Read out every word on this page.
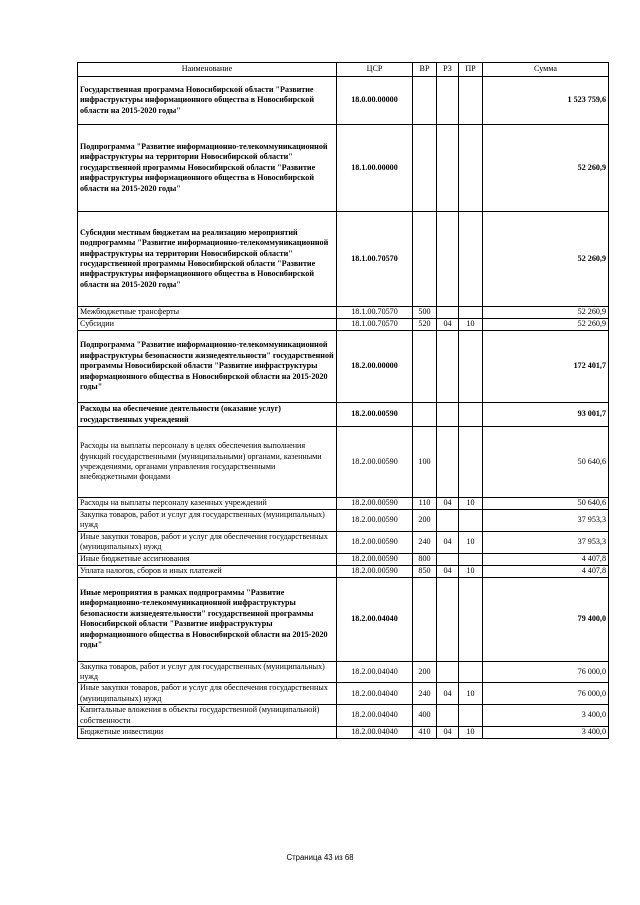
Наименование	ЦСР	ВР	РЗ	ПР	Сумма
Государственная программа Новосибирской области "Развитие инфраструктуры информационного общества в Новосибирской области на 2015-2020 годы"	18.0.00.00000				1 523 759,6
Подпрограмма "Развитие информационно-телекоммуникационной инфраструктуры на территории Новосибирской области" государственной программы Новосибирской области "Развитие инфраструктуры информационного общества в Новосибирской области на 2015-2020 годы"	18.1.00.00000				52 260,9
Субсидии местным бюджетам на реализацию мероприятий подпрограммы "Развитие информационно-телекоммуникационной инфраструктуры на территории Новосибирской области" государственной программы Новосибирской области "Развитие инфраструктуры информационного общества в Новосибирской области на 2015-2020 годы"	18.1.00.70570				52 260,9
Межбюджетные трансферты	18.1.00.70570	500			52 260,9
Субсидии	18.1.00.70570	520	04	10	52 260,9
Подпрограмма "Развитие информационно-телекоммуникационной инфраструктуры безопасности жизнедеятельности" государственной программы Новосибирской области "Развитие инфраструктуры информационного общества в Новосибирской области на 2015-2020 годы"	18.2.00.00000				172 401,7
Расходы на обеспечение деятельности (оказание услуг) государственных учреждений	18.2.00.00590				93 001,7
Расходы на выплаты персоналу в целях обеспечения выполнения функций государственными (муниципальными) органами, казенными учреждениями, органами управления государственными внебюджетными фондами	18.2.00.00590	100			50 640,6
Расходы на выплаты персоналу казенных учреждений	18.2.00.00590	110	04	10	50 640,6
Закупка товаров, работ и услуг для государственных (муниципальных) нужд	18.2.00.00590	200			37 953,3
Иные закупки товаров, работ и услуг для обеспечения государственных (муниципальных) нужд	18.2.00.00590	240	04	10	37 953,3
Иные бюджетные ассигнования	18.2.00.00590	800			4 407,8
Уплата налогов, сборов и иных платежей	18.2.00.00590	850	04	10	4 407,8
Иные мероприятия в рамках подпрограммы "Развитие информационно-телекоммуникационной инфраструктуры безопасности жизнедеятельности" государственной программы Новосибирской области "Развитие инфраструктуры информационного общества в Новосибирской области на 2015-2020 годы"	18.2.00.04040				79 400,0
Закупка товаров, работ и услуг для государственных (муниципальных) нужд	18.2.00.04040	200			76 000,0
Иные закупки товаров, работ и услуг для обеспечения государственных (муниципальных) нужд	18.2.00.04040	240	04	10	76 000,0
Капитальные вложения в объекты государственной (муниципальной) собственности	18.2.00.04040	400			3 400,0
Бюджетные инвестиции	18.2.00.04040	410	04	10	3 400,0
Страница 43 из 68
